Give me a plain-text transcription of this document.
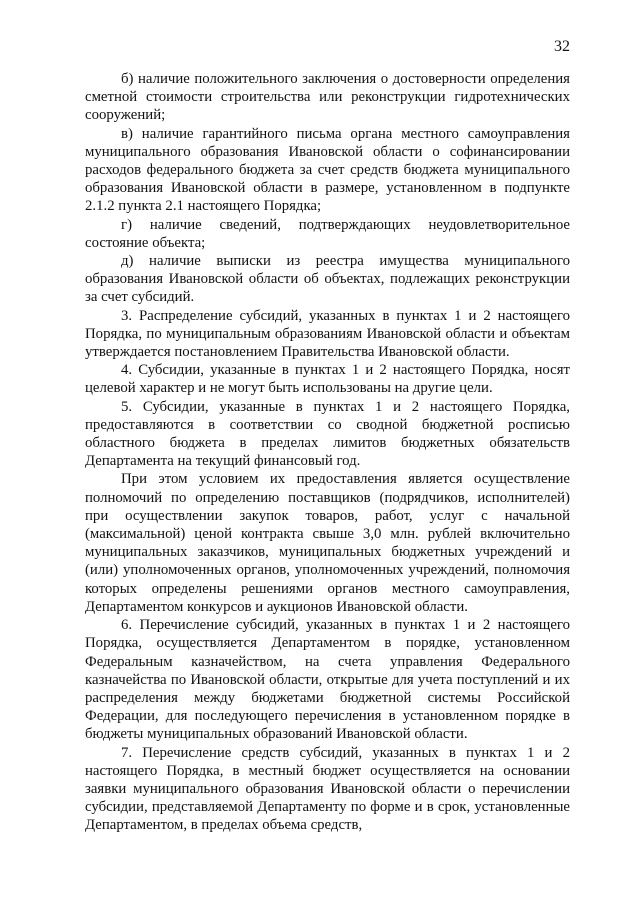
32

б) наличие положительного заключения о достоверности определения сметной стоимости строительства или реконструкции гидротехнических сооружений;

в) наличие гарантийного письма органа местного самоуправления муниципального образования Ивановской области о софинансировании расходов федерального бюджета за счет средств бюджета муниципального образования Ивановской области в размере, установленном в подпункте 2.1.2 пункта 2.1 настоящего Порядка;

г) наличие сведений, подтверждающих неудовлетворительное состояние объекта;

д) наличие выписки из реестра имущества муниципального образования Ивановской области об объектах, подлежащих реконструкции за счет субсидий.

3. Распределение субсидий, указанных в пунктах 1 и 2 настоящего Порядка, по муниципальным образованиям Ивановской области и объектам утверждается постановлением Правительства Ивановской области.

4. Субсидии, указанные в пунктах 1 и 2 настоящего Порядка, носят целевой характер и не могут быть использованы на другие цели.

5. Субсидии, указанные в пунктах 1 и 2 настоящего Порядка, предоставляются в соответствии со сводной бюджетной росписью областного бюджета в пределах лимитов бюджетных обязательств Департамента на текущий финансовый год.

При этом условием их предоставления является осуществление полномочий по определению поставщиков (подрядчиков, исполнителей) при осуществлении закупок товаров, работ, услуг с начальной (максимальной) ценой контракта свыше 3,0 млн. рублей включительно муниципальных заказчиков, муниципальных бюджетных учреждений и (или) уполномоченных органов, уполномоченных учреждений, полномочия которых определены решениями органов местного самоуправления, Департаментом конкурсов и аукционов Ивановской области.

6. Перечисление субсидий, указанных в пунктах 1 и 2 настоящего Порядка, осуществляется Департаментом в порядке, установленном Федеральным казначейством, на счета управления Федерального казначейства по Ивановской области, открытые для учета поступлений и их распределения между бюджетами бюджетной системы Российской Федерации, для последующего перечисления в установленном порядке в бюджеты муниципальных образований Ивановской области.

7. Перечисление средств субсидий, указанных в пунктах 1 и 2 настоящего Порядка, в местный бюджет осуществляется на основании заявки муниципального образования Ивановской области о перечислении субсидии, представляемой Департаменту по форме и в срок, установленные Департаментом, в пределах объема средств,
